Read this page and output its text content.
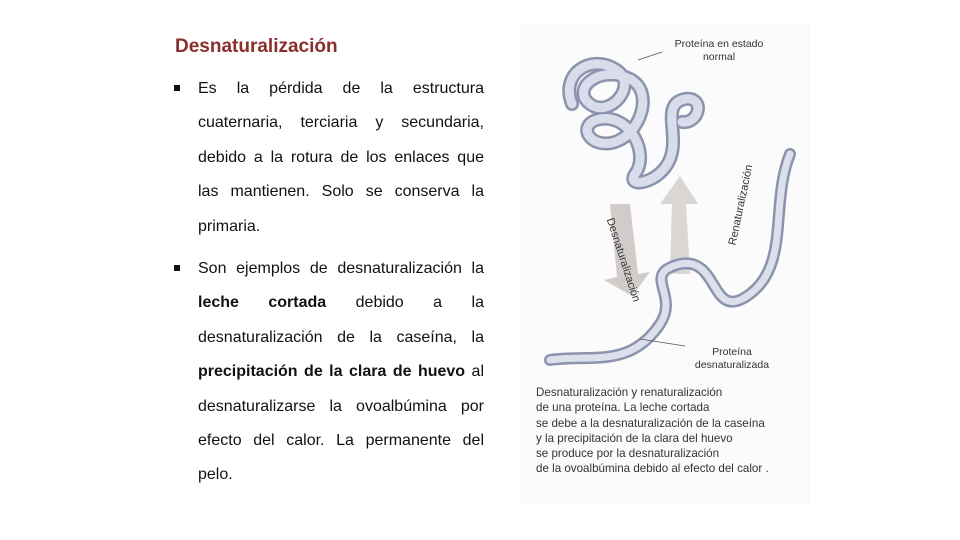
Desnaturalización
Es la pérdida de la estructura cuaternaria, terciaria y secundaria, debido a la rotura de los enlaces que las mantienen. Solo se conserva la primaria.
Son ejemplos de desnaturalización la leche cortada debido a la desnaturalización de la caseína, la precipitación de la clara de huevo al desnaturalizarse la ovoalbúmina por efecto del calor. La permanente del pelo.
Proteína en estado
normal
Desnaturalización
Renaturalización
Proteína
desnaturalizada
Desnaturalización y renaturalización
de una proteína. La leche cortada
se debe a la desnaturalización de la caseína
y la precipitación de la clara del huevo
se produce por la desnaturalización
de la ovoalbúmina debido al efecto del calor .
